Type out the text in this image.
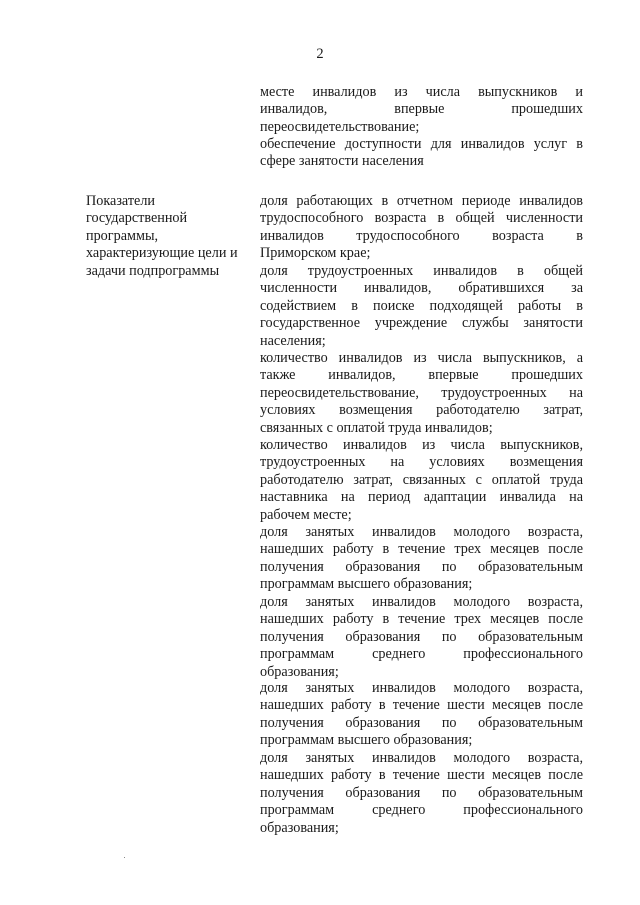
2
месте инвалидов из числа выпускников и
инвалидов, впервые прошедших
переосвидетельствование;
обеспечение доступности для инвалидов услуг в
сфере занятости населения
Показатели
государственной
программы,
характеризующие цели и
задачи подпрограммы
доля работающих в отчетном периоде инвалидов
трудоспособного возраста в общей численности
инвалидов трудоспособного возраста в
Приморском крае;
доля трудоустроенных инвалидов в общей
численности инвалидов, обратившихся за
содействием в поиске подходящей работы в
государственное учреждение службы занятости
населения;
количество инвалидов из числа выпускников, а
также инвалидов, впервые прошедших
переосвидетельствование, трудоустроенных на
условиях возмещения работодателю затрат,
связанных с оплатой труда инвалидов;
количество инвалидов из числа выпускников,
трудоустроенных на условиях возмещения
работодателю затрат, связанных с оплатой труда
наставника на период адаптации инвалида на
рабочем месте;
доля занятых инвалидов молодого возраста,
нашедших работу в течение трех месяцев после
получения образования по образовательным
программам высшего образования;
доля занятых инвалидов молодого возраста,
нашедших работу в течение трех месяцев после
получения образования по образовательным
программам среднего профессионального
образования;
доля занятых инвалидов молодого возраста,
нашедших работу в течение шести месяцев после
получения образования по образовательным
программам высшего образования;
доля занятых инвалидов молодого возраста,
нашедших работу в течение шести месяцев после
получения образования по образовательным
программам среднего профессионального
образования;
